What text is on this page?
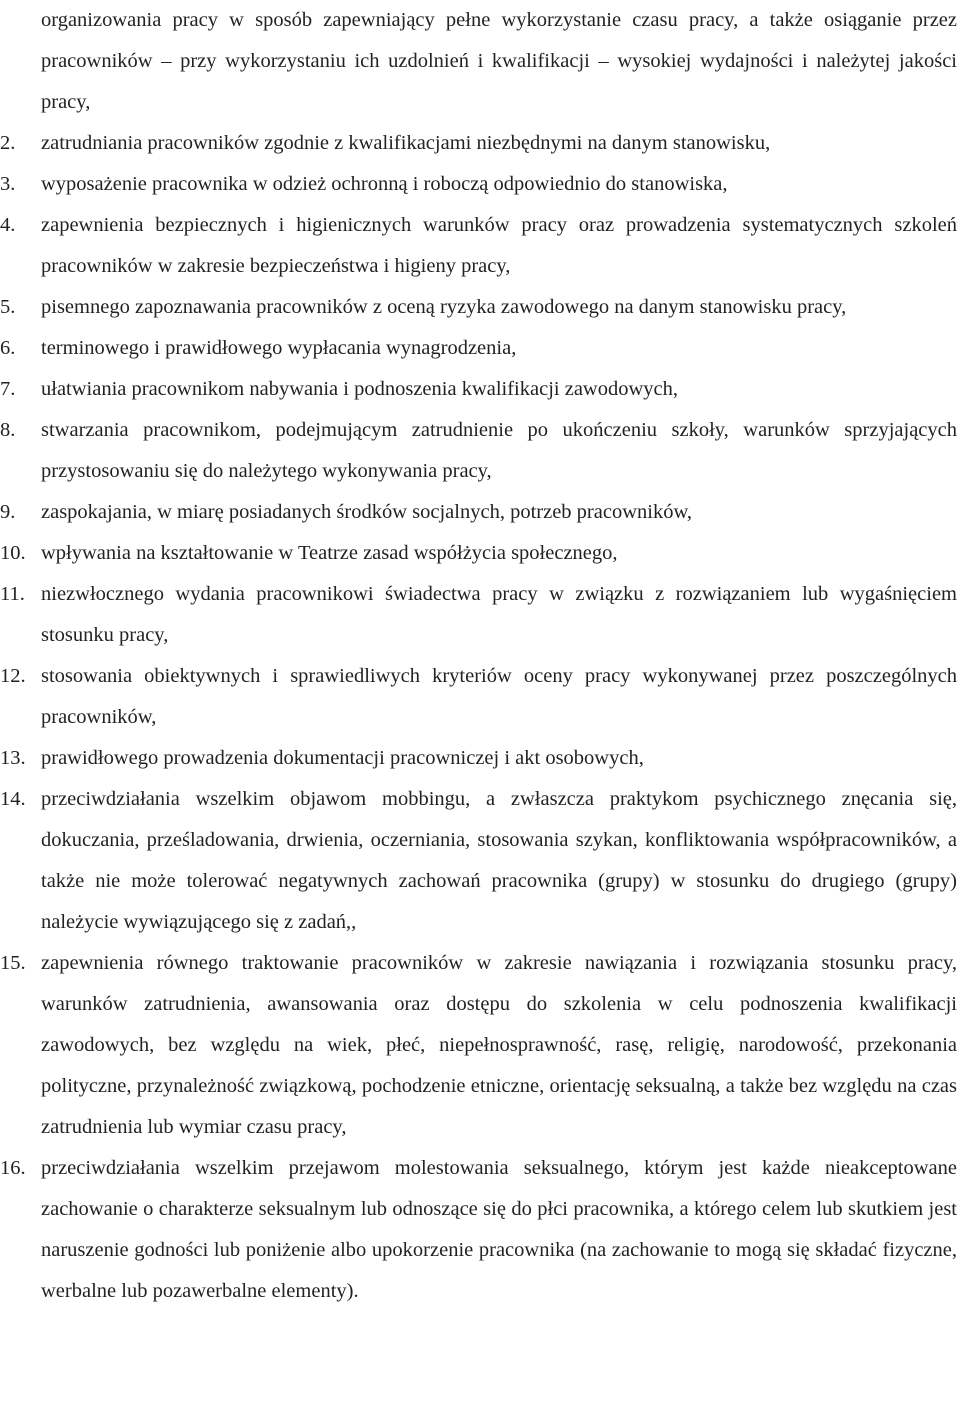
organizowania pracy w sposób zapewniający pełne wykorzystanie czasu pracy, a także osiąganie przez pracowników – przy wykorzystaniu ich uzdolnień i kwalifikacji – wysokiej wydajności i należytej jakości pracy,

2. zatrudniania pracowników zgodnie z kwalifikacjami niezbędnymi na danym stanowisku,
3. wyposażenie pracownika w odzież ochronną i roboczą odpowiednio do stanowiska,
4. zapewnienia bezpiecznych i higienicznych warunków pracy oraz prowadzenia systematycznych szkoleń pracowników w zakresie bezpieczeństwa i higieny pracy,
5. pisemnego zapoznawania pracowników z oceną ryzyka zawodowego na danym stanowisku pracy,
6. terminowego i prawidłowego wypłacania wynagrodzenia,
7. ułatwiania pracownikom nabywania i podnoszenia kwalifikacji zawodowych,
8. stwarzania pracownikom, podejmującym zatrudnienie po ukończeniu szkoły, warunków sprzyjających przystosowaniu się do należytego wykonywania pracy,
9. zaspokajania, w miarę posiadanych środków socjalnych, potrzeb pracowników,
10. wpływania na kształtowanie w Teatrze zasad współżycia społecznego,
11. niezwłocznego wydania pracownikowi świadectwa pracy w związku z rozwiązaniem lub wygaśnięciem stosunku pracy,
12. stosowania obiektywnych i sprawiedliwych kryteriów oceny pracy wykonywanej przez poszczególnych pracowników,
13. prawidłowego prowadzenia dokumentacji pracowniczej i akt osobowych,
14. przeciwdziałania wszelkim objawom mobbingu, a zwłaszcza praktykom psychicznego znęcania się, dokuczania, prześladowania, drwienia, oczerniania, stosowania szykan, konfliktowania współpracowników, a także nie może tolerować negatywnych zachowań pracownika (grupy) w stosunku do drugiego (grupy) należycie wywiązującego się z zadań,,
15. zapewnienia równego traktowanie pracowników w zakresie nawiązania i rozwiązania stosunku pracy, warunków zatrudnienia, awansowania oraz dostępu do szkolenia w celu podnoszenia kwalifikacji zawodowych, bez względu na wiek, płeć, niepełnosprawność, rasę, religię, narodowość, przekonania polityczne, przynależność związkową, pochodzenie etniczne, orientację seksualną, a także bez względu na czas zatrudnienia lub wymiar czasu pracy,
16. przeciwdziałania wszelkim przejawom molestowania seksualnego, którym jest każde nieakceptowane zachowanie o charakterze seksualnym lub odnoszące się do płci pracownika, a którego celem lub skutkiem jest naruszenie godności lub poniżenie albo upokorzenie pracownika (na zachowanie to mogą się składać fizyczne, werbalne lub pozawerbalne elementy).
